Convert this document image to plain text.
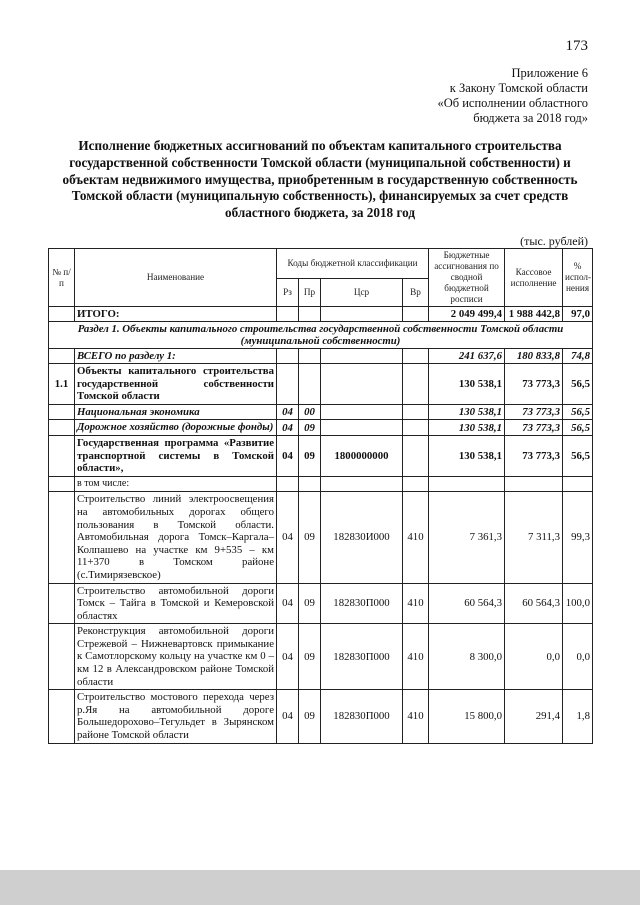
173
Приложение 6
к Закону Томской области
«Об исполнении областного
бюджета за 2018 год»
Исполнение бюджетных ассигнований по объектам капитального строительства государственной собственности Томской области (муниципальной собственности) и объектам недвижимого имущества, приобретенным в государственную собственность Томской области (муниципальную собственность), финансируемых за счет средств областного бюджета, за 2018 год
(тыс. рублей)
№ п/п	Наименование	Коды бюджетной классификации				Бюджетные ассигнования по сводной бюджетной росписи	Кассовое исполнение	% испол- нения
		Рз	Пр	Цср	Вр			
	ИТОГО:					2 049 499,4	1 988 442,8	97,0
Раздел 1. Объекты капитального строительства государственной собственности Томской области (муниципальной собственности)								
	ВСЕГО по разделу 1:					241 637,6	180 833,8	74,8
1.1	Объекты капитального строительства государственной собственности Томской области					130 538,1	73 773,3	56,5
	Национальная экономика	04	00			130 538,1	73 773,3	56,5
	Дорожное хозяйство (дорожные фонды)	04	09			130 538,1	73 773,3	56,5
	Государственная программа «Развитие транспортной системы в Томской области»,	04	09	1800000000		130 538,1	73 773,3	56,5
	в том числе:							
	Строительство линий электроосвещения на автомобильных дорогах общего пользования в Томской области. Автомобильная дорога Томск–Каргала–Колпашево на участке км 9+535 – км 11+370 в Томском районе (с.Тимирязевское)	04	09	182830И000	410	7 361,3	7 311,3	99,3
	Строительство автомобильной дороги Томск – Тайга в Томской и Кемеровской областях	04	09	182830П000	410	60 564,3	60 564,3	100,0
	Реконструкция автомобильной дороги Стрежевой – Нижневартовск примыкание к Самотлорскому кольцу на участке км 0 –км 12 в Александровском районе Томской области	04	09	182830П000	410	8 300,0	0,0	0,0
	Строительство мостового перехода через р.Яя на автомобильной дороге Большедорохово–Тегульдет в Зырянском районе Томской области	04	09	182830П000	410	15 800,0	291,4	1,8
